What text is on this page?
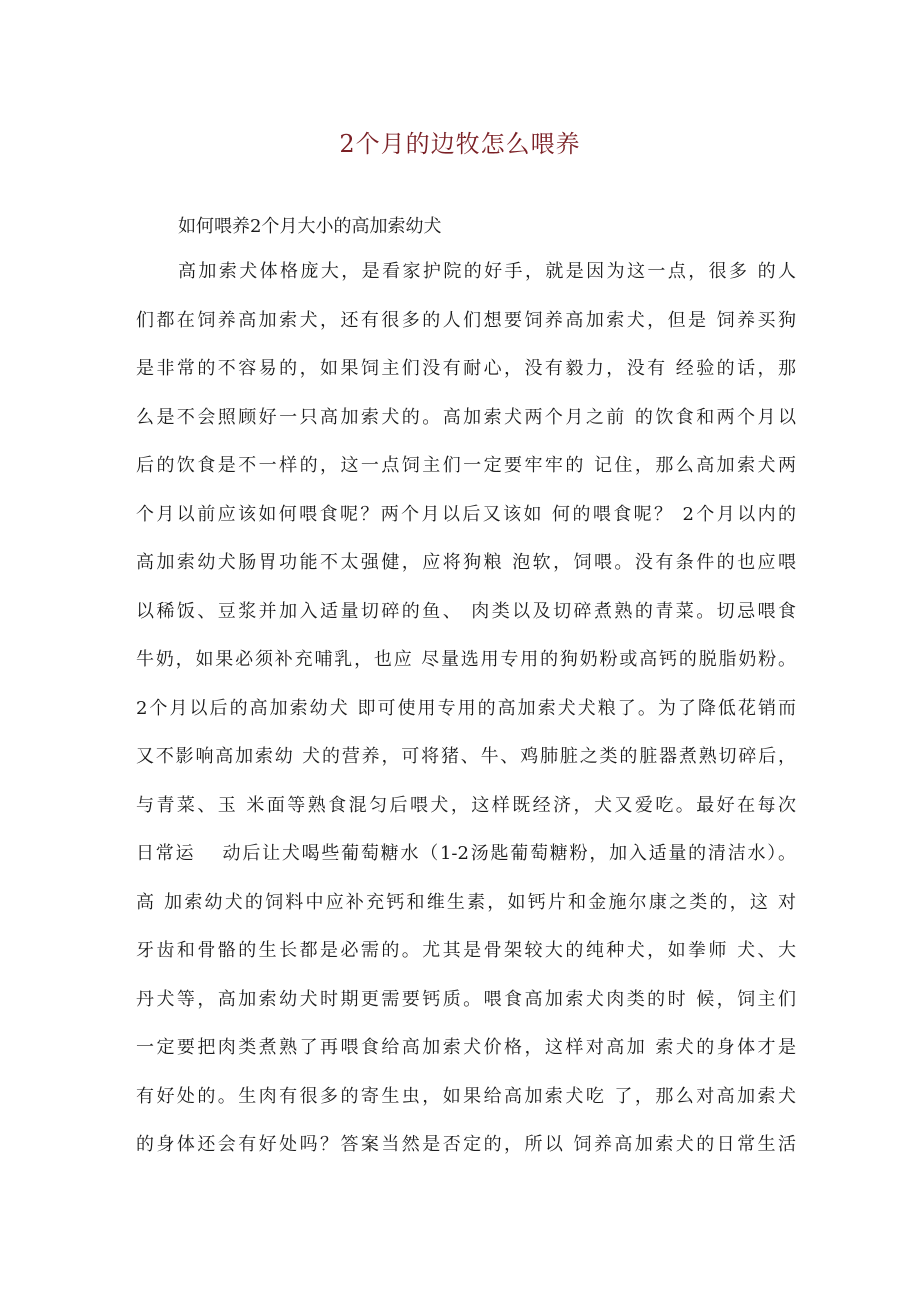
2个月的边牧怎么喂养

如何喂养2个月大小的高加索幼犬

高加索犬体格庞大，是看家护院的好手，就是因为这一点，很多 的人
们都在饲养高加索犬，还有很多的人们想要饲养高加索犬，但是 饲养买狗
是非常的不容易的，如果饲主们没有耐心，没有毅力，没有 经验的话，那
么是不会照顾好一只高加索犬的。高加索犬两个月之前 的饮食和两个月以
后的饮食是不一样的，这一点饲主们一定要牢牢的 记住，那么高加索犬两
个月以前应该如何喂食呢？两个月以后又该如 何的喂食呢？ 2个月以内的
高加索幼犬肠胃功能不太强健，应将狗粮 泡软，饲喂。没有条件的也应喂
以稀饭、豆浆并加入适量切碎的鱼、 肉类以及切碎煮熟的青菜。切忌喂食
牛奶，如果必须补充哺乳，也应 尽量选用专用的狗奶粉或高钙的脱脂奶粉。
2个月以后的高加索幼犬 即可使用专用的高加索犬犬粮了。为了降低花销而
又不影响高加索幼 犬的营养，可将猪、牛、鸡肺脏之类的脏器煮熟切碎后，
与青菜、玉 米面等熟食混匀后喂犬，这样既经济，犬又爱吃。最好在每次
日常运　 动后让犬喝些葡萄糖水（1-2汤匙葡萄糖粉，加入适量的清洁水）。
高 加索幼犬的饲料中应补充钙和维生素，如钙片和金施尔康之类的，这 对
牙齿和骨骼的生长都是必需的。尤其是骨架较大的纯种犬，如拳师 犬、大
丹犬等，高加索幼犬时期更需要钙质。喂食高加索犬肉类的时 候，饲主们
一定要把肉类煮熟了再喂食给高加索犬价格，这样对高加 索犬的身体才是
有好处的。生肉有很多的寄生虫，如果给高加索犬吃 了，那么对高加索犬
的身体还会有好处吗？答案当然是否定的，所以 饲养高加索犬的日常生活
